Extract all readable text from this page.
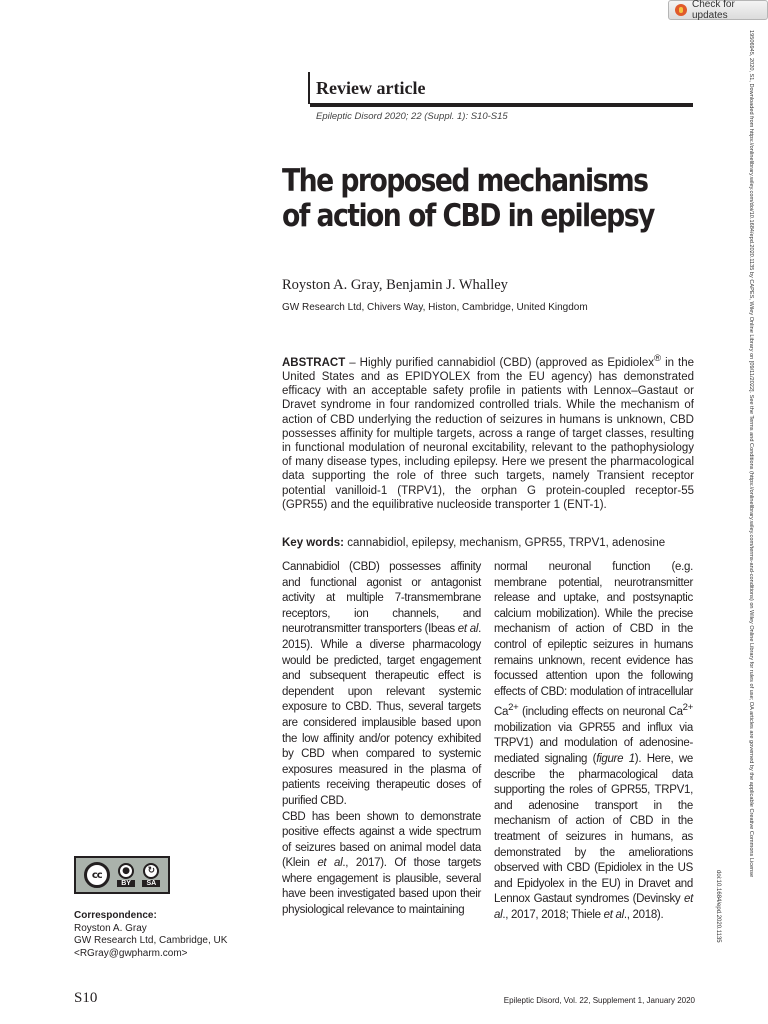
Check for updates
Review article
Epileptic Disord 2020; 22 (Suppl. 1): S10-S15
The proposed mechanisms
of action of CBD in epilepsy
Royston A. Gray, Benjamin J. Whalley
GW Research Ltd, Chivers Way, Histon, Cambridge, United Kingdom
ABSTRACT – Highly purified cannabidiol (CBD) (approved as Epidiolex® in the United States and as EPIDYOLEX from the EU agency) has demonstrated efficacy with an acceptable safety profile in patients with Lennox–Gastaut or Dravet syndrome in four randomized controlled trials. While the mechanism of action of CBD underlying the reduction of seizures in humans is unknown, CBD possesses affinity for multiple targets, across a range of target classes, resulting in functional modulation of neuronal excitability, relevant to the pathophysiology of many disease types, including epilepsy. Here we present the pharmacological data supporting the role of three such targets, namely Transient receptor potential vanilloid-1 (TRPV1), the orphan G protein-coupled receptor-55 (GPR55) and the equilibrative nucleoside transporter 1 (ENT-1).
Key words: cannabidiol, epilepsy, mechanism, GPR55, TRPV1, adenosine

Cannabidiol (CBD) possesses affinity and functional agonist or antagonist activity at multiple 7-transmembrane receptors, ion channels, and neurotransmitter transporters (Ibeas et al. 2015). While a diverse pharmacology would be predicted, target engagement and subsequent therapeutic effect is dependent upon relevant systemic exposure to CBD. Thus, several targets are considered implausible based upon the low affinity and/or potency exhibited by CBD when compared to systemic exposures measured in the plasma of patients receiving therapeutic doses of purified CBD.

CBD has been shown to demonstrate positive effects against a wide spectrum of seizures based on animal model data (Klein et al., 2017). Of those targets where engagement is plausible, several have been investigated based upon their physiological relevance to maintaining

normal neuronal function (e.g. membrane potential, neurotransmitter release and uptake, and postsynaptic calcium mobilization). While the precise mechanism of action of CBD in the control of epileptic seizures in humans remains unknown, recent evidence has focussed attention upon the following effects of CBD: modulation of intracellular $Ca^{2+}$ (including effects on neuronal $Ca^{2+}$ mobilization via GPR55 and influx via TRPV1) and modulation of adenosine-mediated signaling (figure 1). Here, we describe the pharmacological data supporting the roles of GPR55, TRPV1, and adenosine transport in the mechanism of action of CBD in the treatment of seizures in humans, as demonstrated by the ameliorations observed with CBD (Epidiolex in the US and Epidyolex in the EU) in Dravet and Lennox Gastaut syndromes (Devinsky et al., 2017, 2018; Thiele et al., 2018).

cc	●
BY
↻
SA
Correspondence:
Royston A. Gray
GW Research Ltd, Cambridge, UK
<RGray@gwpharm.com>
S10	Epileptic Disord, Vol. 22, Supplement 1, January 2020
19506945, 2020, S1, Downloaded from https://onlinelibrary.wiley.com/doi/10.1684/epd.2020.1135 by CAPES, Wiley Online Library on [09/11/2022]. See the Terms and Conditions (https://onlinelibrary.wiley.com/terms-and-conditions) on Wiley Online Library for rules of use; OA articles are governed by the applicable Creative Commons License
doi:10.1684/epd.2020.1135
